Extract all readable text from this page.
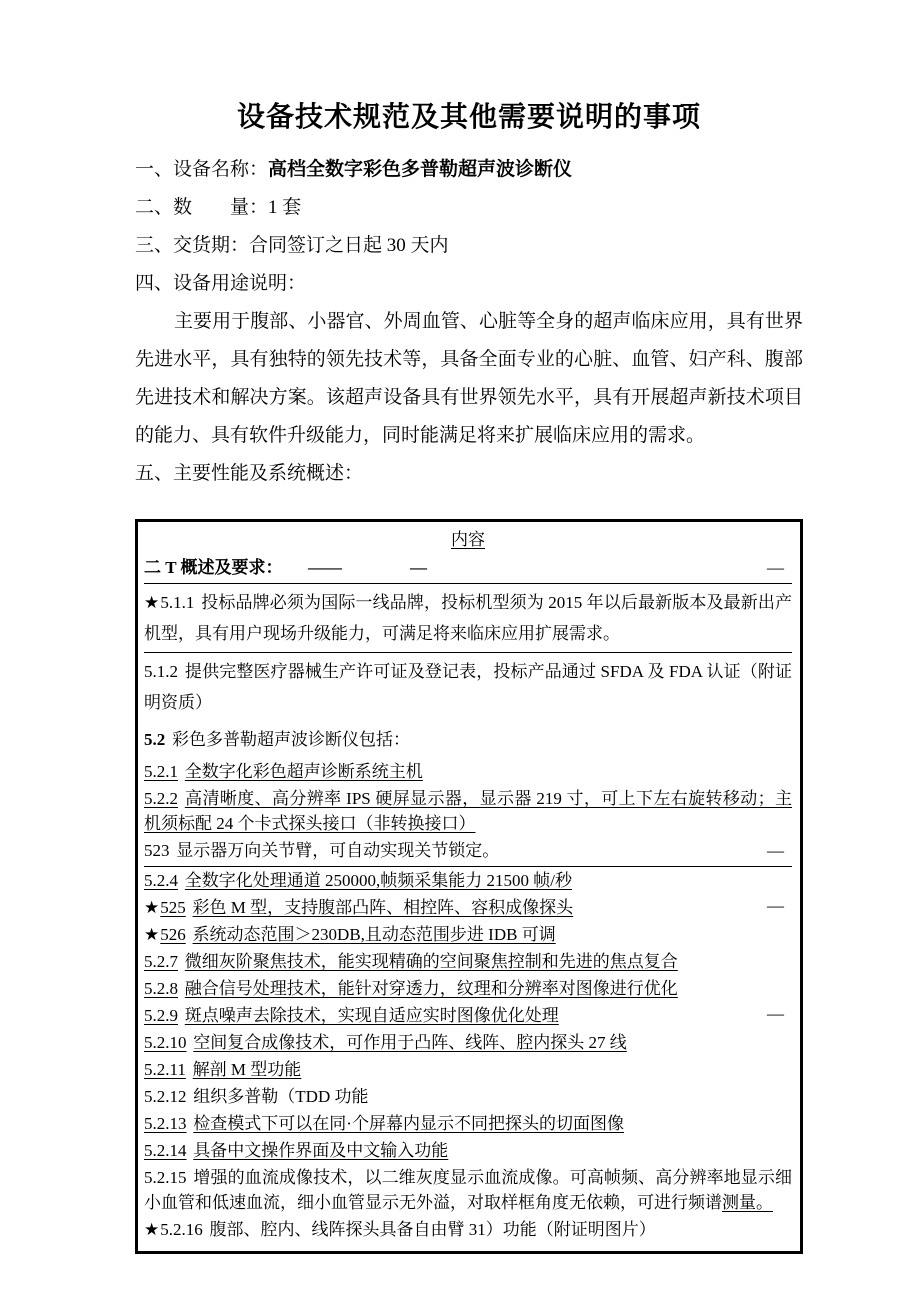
设备技术规范及其他需要说明的事项
一、设备名称：高档全数字彩色多普勒超声波诊断仪
二、数　　量：1 套
三、交货期：合同签订之日起 30 天内
四、设备用途说明：

主要用于腹部、小器官、外周血管、心脏等全身的超声临床应用，具有世界先进水平，具有独特的领先技术等，具备全面专业的心脏、血管、妇产科、腹部先进技术和解决方案。该超声设备具有世界领先水平，具有开展超声新技术项目的能力、具有软件升级能力，同时能满足将来扩展临床应用的需求。

五、主要性能及系统概述：
内容
二 T 概述及要求：　　——　　　　—	—
★5.1.1 投标品牌必须为国际一线品牌，投标机型须为 2015 年以后最新版本及最新出产机型，具有用户现场升级能力，可满足将来临床应用扩展需求。
5.1.2 提供完整医疗器械生产许可证及登记表，投标产品通过 SFDA 及 FDA 认证（附证明资质）
5.2 彩色多普勒超声波诊断仪包括：
5.2.1 全数字化彩色超声诊断系统主机
5.2.2 高清晰度、高分辨率 IPS 硬屏显示器，显示器 219 寸，可上下左右旋转移动；主机须标配 24 个卡式探头接口（非转换接口）
523 显示器万向关节臂，可自动实现关节锁定。	—
5.2.4 全数字化处理通道 250000,帧频采集能力 21500 帧/秒
★525 彩色 M 型，支持腹部凸阵、相控阵、容积成像探头	—
★526 系统动态范围＞230DB,且动态范围步进 IDB 可调
5.2.7 微细灰阶聚焦技术，能实现精确的空间聚焦控制和先进的焦点复合
5.2.8 融合信号处理技术，能针对穿透力，纹理和分辨率对图像进行优化
5.2.9 斑点噪声去除技术，实现自适应实时图像优化处理	—
5.2.10 空间复合成像技术，可作用于凸阵、线阵、腔内探头 27 线
5.2.11 解剖 M 型功能
5.2.12 组织多普勒（TDD 功能
5.2.13 检查模式下可以在同·个屏幕内显示不同把探头的切面图像
5.2.14 具备中文操作界面及中文输入功能
5.2.15 增强的血流成像技术，以二维灰度显示血流成像。可高帧频、高分辨率地显示细小血管和低速血流，细小血管显示无外溢，对取样框角度无依赖，可进行频谱测量。
★5.2.16 腹部、腔内、线阵探头具备自由臂 31）功能（附证明图片）
